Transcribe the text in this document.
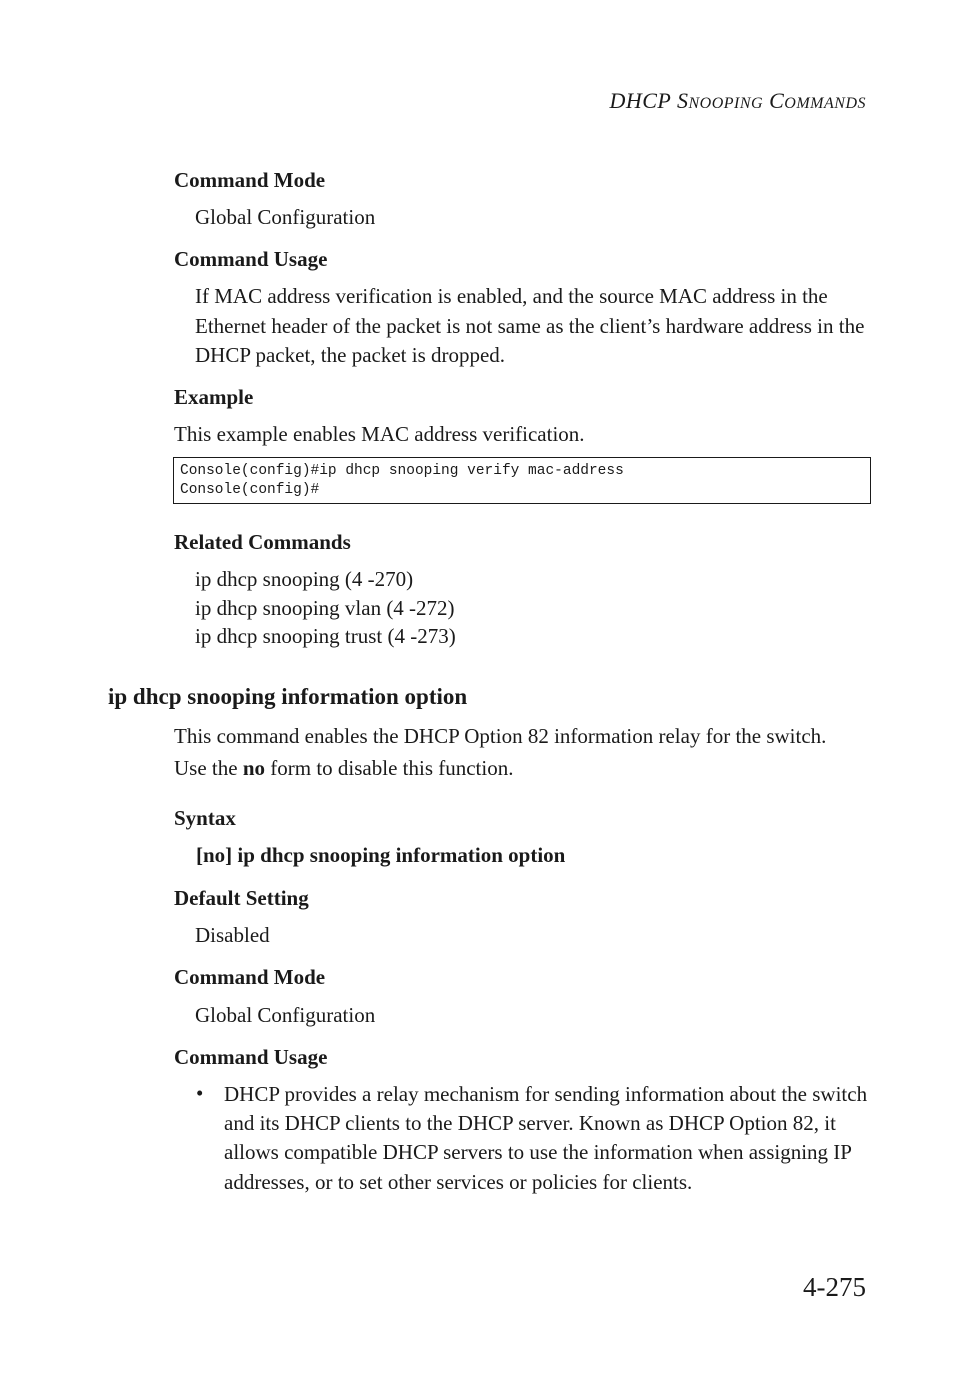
DHCP SNOOPING COMMANDS
Command Mode
Global Configuration
Command Usage
If MAC address verification is enabled, and the source MAC address in the Ethernet header of the packet is not same as the client’s hardware address in the DHCP packet, the packet is dropped.
Example
This example enables MAC address verification.
Console(config)#ip dhcp snooping verify mac-address
Console(config)#
Related Commands
ip dhcp snooping (4 -270)
ip dhcp snooping vlan (4 -272)
ip dhcp snooping trust (4 -273)
ip dhcp snooping information option
This command enables the DHCP Option 82 information relay for the switch. Use the no form to disable this function.
Syntax
[no] ip dhcp snooping information option
Default Setting
Disabled
Command Mode
Global Configuration
Command Usage
• DHCP provides a relay mechanism for sending information about the switch and its DHCP clients to the DHCP server. Known as DHCP Option 82, it allows compatible DHCP servers to use the information when assigning IP addresses, or to set other services or policies for clients.
4-275
